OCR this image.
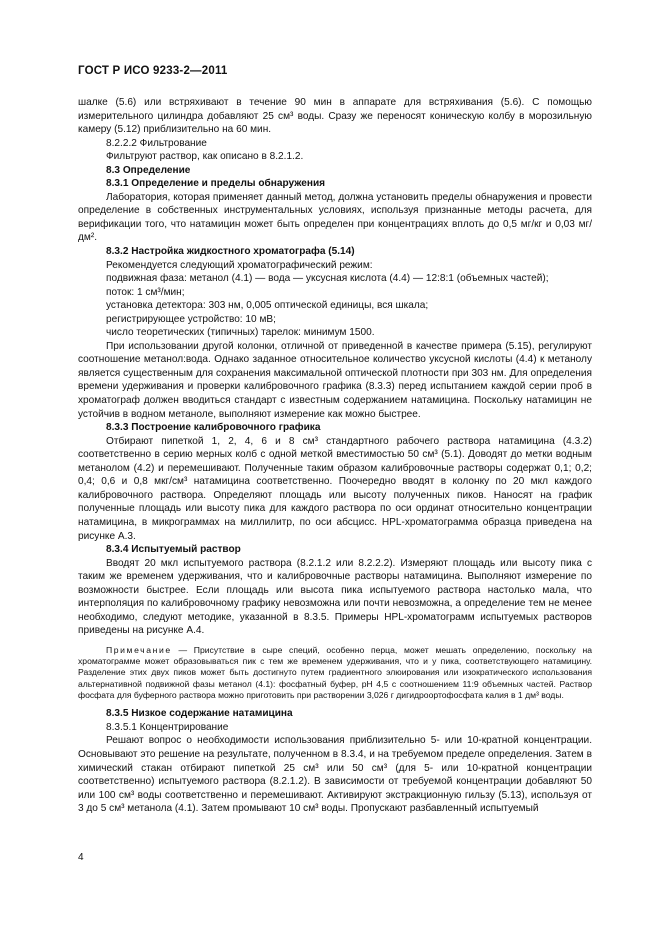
ГОСТ Р ИСО 9233-2—2011

шалке (5.6) или встряхивают в течение 90 мин в аппарате для встряхивания (5.6). С помощью измерительного цилиндра добавляют 25 см³ воды. Сразу же переносят коническую колбу в морозильную камеру (5.12) приблизительно на 60 мин.

8.2.2.2 Фильтрование

Фильтруют раствор, как описано в 8.2.1.2.

8.3 Определение

8.3.1 Определение и пределы обнаружения

Лаборатория, которая применяет данный метод, должна установить пределы обнаружения и провести определение в собственных инструментальных условиях, используя признанные методы расчета, для верификации того, что натамицин может быть определен при концентрациях вплоть до 0,5 мг/кг и 0,03 мг/дм².

8.3.2 Настройка жидкостного хроматографа (5.14)

Рекомендуется следующий хроматографический режим:

подвижная фаза: метанол (4.1) — вода — уксусная кислота (4.4) — 12:8:1 (объемных частей);

поток: 1 см³/мин;

установка детектора: 303 нм, 0,005 оптической единицы, вся шкала;

регистрирующее устройство: 10 мВ;

число теоретических (типичных) тарелок: минимум 1500.

При использовании другой колонки, отличной от приведенной в качестве примера (5.15), регулируют соотношение метанол:вода. Однако заданное относительное количество уксусной кислоты (4.4) к метанолу является существенным для сохранения максимальной оптической плотности при 303 нм. Для определения времени удерживания и проверки калибровочного графика (8.3.3) перед испытанием каждой серии проб в хроматограф должен вводиться стандарт с известным содержанием натамицина. Поскольку натамицин не устойчив в водном метаноле, выполняют измерение как можно быстрее.

8.3.3 Построение калибровочного графика

Отбирают пипеткой 1, 2, 4, 6 и 8 см³ стандартного рабочего раствора натамицина (4.3.2) соответственно в серию мерных колб с одной меткой вместимостью 50 см³ (5.1). Доводят до метки водным метанолом (4.2) и перемешивают. Полученные таким образом калибровочные растворы содержат 0,1; 0,2; 0,4; 0,6 и 0,8 мкг/см³ натамицина соответственно. Поочередно вводят в колонку по 20 мкл каждого калибровочного раствора. Определяют площадь или высоту полученных пиков. Наносят на график полученные площадь или высоту пика для каждого раствора по оси ординат относительно концентрации натамицина, в микрограммах на миллилитр, по оси абсцисс. HPL-хроматограмма образца приведена на рисунке А.3.

8.3.4 Испытуемый раствор

Вводят 20 мкл испытуемого раствора (8.2.1.2 или 8.2.2.2). Измеряют площадь или высоту пика с таким же временем удерживания, что и калибровочные растворы натамицина. Выполняют измерение по возможности быстрее. Если площадь или высота пика испытуемого раствора настолько мала, что интерполяция по калибровочному графику невозможна или почти невозможна, а определение тем не менее необходимо, следуют методике, указанной в 8.3.5. Примеры HPL-хроматограмм испытуемых растворов приведены на рисунке А.4.

Примечание — Присутствие в сыре специй, особенно перца, может мешать определению, поскольку на хроматограмме может образовываться пик с тем же временем удерживания, что и у пика, соответствующего натамицину. Разделение этих двух пиков может быть достигнуто путем градиентного элюирования или изократического использования альтернативной подвижной фазы метанол (4.1): фосфатный буфер, pH 4,5 с соотношением 11:9 объемных частей. Раствор фосфата для буферного раствора можно приготовить при растворении 3,026 г дигидроортофосфата калия в 1 дм³ воды.

8.3.5 Низкое содержание натамицина

8.3.5.1 Концентрирование

Решают вопрос о необходимости использования приблизительно 5- или 10-кратной концентрации. Основывают это решение на результате, полученном в 8.3.4, и на требуемом пределе определения. Затем в химический стакан отбирают пипеткой 25 см³ или 50 см³ (для 5- или 10-кратной концентрации соответственно) испытуемого раствора (8.2.1.2). В зависимости от требуемой концентрации добавляют 50 или 100 см³ воды соответственно и перемешивают. Активируют экстракционную гильзу (5.13), используя от 3 до 5 см³ метанола (4.1). Затем промывают 10 см³ воды. Пропускают разбавленный испытуемый

4
